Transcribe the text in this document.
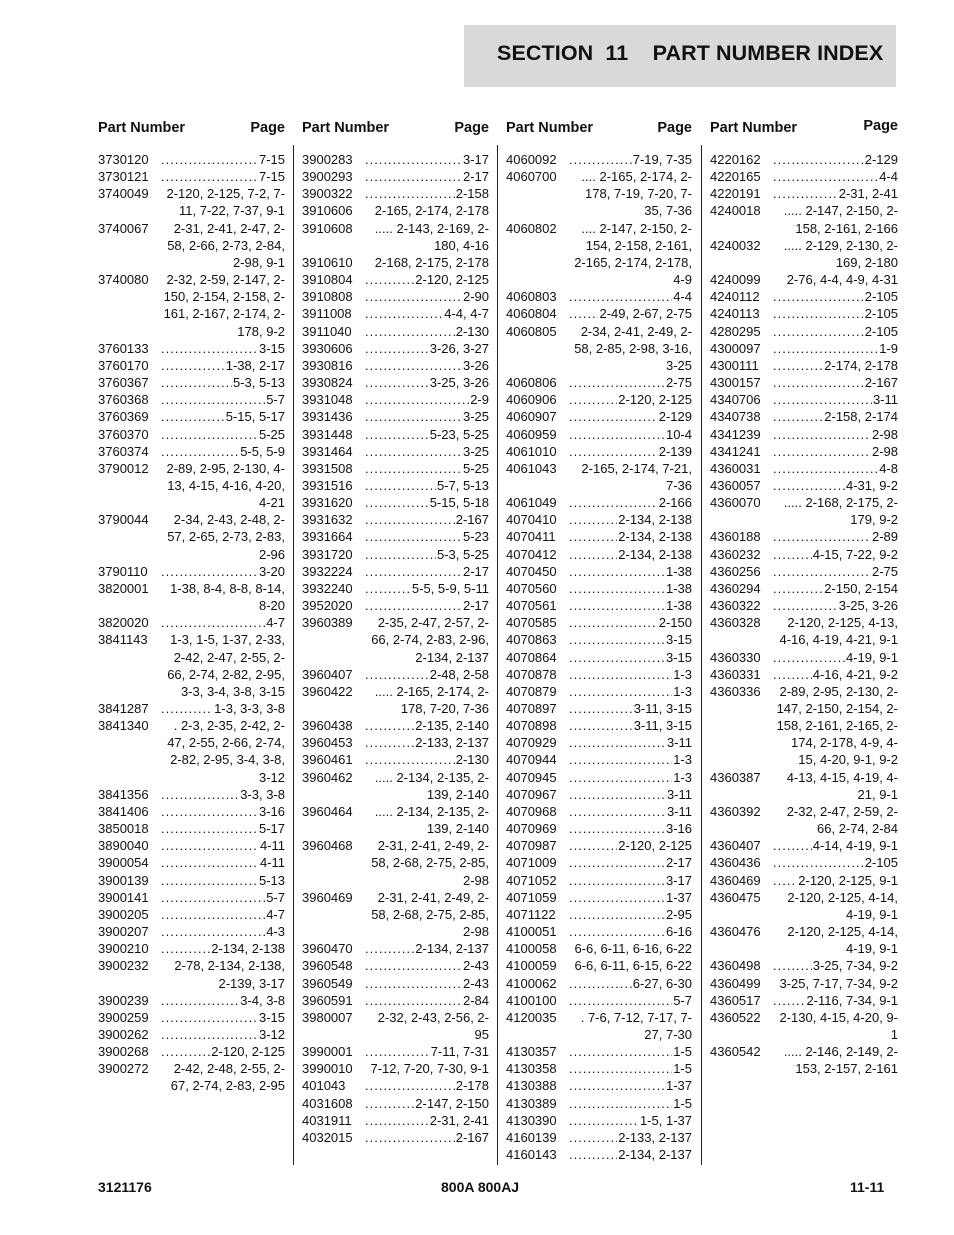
SECTION  11    PART NUMBER INDEX
Part Number	Page
3730120 .....	7-15
3730121 .....	7-15
3740049	2-120, 2-125, 7-2, 7-11, 7-22, 7-37, 9-1
3740067	2-31, 2-41, 2-47, 2-58, 2-66, 2-73, 2-84, 2-98, 9-1
3740080	2-32, 2-59, 2-147, 2-150, 2-154, 2-158, 2-161, 2-167, 2-174, 2-178, 9-2
3760133 .....	3-15
3760170 .....	1-38, 2-17
3760367 .....	5-3, 5-13
3760368 .....	5-7
3760369 .....	5-15, 5-17
3760370 .....	5-25
3760374 .....	5-5, 5-9
3790012	2-89, 2-95, 2-130, 4-13, 4-15, 4-16, 4-20, 4-21
3790044	2-34, 2-43, 2-48, 2-57, 2-65, 2-73, 2-83, 2-96
3790110 .....	3-20
3820001	1-38, 8-4, 8-8, 8-14, 8-20
3820020 .....	4-7
3841143	1-3, 1-5, 1-37, 2-33, 2-42, 2-47, 2-55, 2-66, 2-74, 2-82, 2-95, 3-3, 3-4, 3-8, 3-15
3841287 .....	1-3, 3-3, 3-8
3841340	. 2-3, 2-35, 2-42, 2-47, 2-55, 2-66, 2-74, 2-82, 2-95, 3-4, 3-8, 3-12
3841356 .....	3-3, 3-8
3841406 .....	3-16
3850018 .....	5-17
3890040 .....	4-11
3900054 .....	4-11
3900139 .....	5-13
3900141 .....	5-7
3900205 .....	4-7
3900207 .....	4-3
3900210 .....	2-134, 2-138
3900232	2-78, 2-134, 2-138, 2-139, 3-17
3900239 .....	3-4, 3-8
3900259 .....	3-15
3900262 .....	3-12
3900268 .....	2-120, 2-125
3900272	2-42, 2-48, 2-55, 2-67, 2-74, 2-83, 2-95
Part Number	Page
3900283 .....	3-17
3900293 .....	2-17
3900322 .....	2-158
3910606	2-165, 2-174, 2-178
3910608	..... 2-143, 2-169, 2-180, 4-16
3910610	2-168, 2-175, 2-178
3910804 .....	2-120, 2-125
3910808 .....	2-90
3911008 .....	4-4, 4-7
3911040 .....	2-130
3930606 .....	3-26, 3-27
3930816 .....	3-26
3930824 .....	3-25, 3-26
3931048 .....	2-9
3931436 .....	3-25
3931448 .....	5-23, 5-25
3931464 .....	3-25
3931508 .....	5-25
3931516 .....	5-7, 5-13
3931620 .....	5-15, 5-18
3931632 .....	2-167
3931664 .....	5-23
3931720 .....	5-3, 5-25
3932224 .....	2-17
3932240 .....	5-5, 5-9, 5-11
3952020 .....	2-17
3960389	2-35, 2-47, 2-57, 2-66, 2-74, 2-83, 2-96, 2-134, 2-137
3960407 .....	2-48, 2-58
3960422	..... 2-165, 2-174, 2-178, 7-20, 7-36
3960438 .....	2-135, 2-140
3960453 .....	2-133, 2-137
3960461 .....	2-130
3960462	..... 2-134, 2-135, 2-139, 2-140
3960464	..... 2-134, 2-135, 2-139, 2-140
3960468	2-31, 2-41, 2-49, 2-58, 2-68, 2-75, 2-85, 2-98
3960469	2-31, 2-41, 2-49, 2-58, 2-68, 2-75, 2-85, 2-98
3960470 .....	2-134, 2-137
3960548 .....	2-43
3960549 .....	2-43
3960591 .....	2-84
3980007	2-32, 2-43, 2-56, 2-95
3990001 .....	7-11, 7-31
3990010	7-12, 7-20, 7-30, 9-1
401043 .....	2-178
4031608 .....	2-147, 2-150
4031911 .....	2-31, 2-41
4032015 .....	2-167
Part Number	Page
4060092 .....	7-19, 7-35
4060700	.... 2-165, 2-174, 2-178, 7-19, 7-20, 7-35, 7-36
4060802	.... 2-147, 2-150, 2-154, 2-158, 2-161, 2-165, 2-174, 2-178, 4-9
4060803 .....	4-4
4060804 .....	2-49, 2-67, 2-75
4060805	2-34, 2-41, 2-49, 2-58, 2-85, 2-98, 3-16, 3-25
4060806 .....	2-75
4060906 .....	2-120, 2-125
4060907 .....	2-129
4060959 .....	10-4
4061010 .....	2-139
4061043	2-165, 2-174, 7-21, 7-36
4061049 .....	2-166
4070410 .....	2-134, 2-138
4070411 .....	2-134, 2-138
4070412 .....	2-134, 2-138
4070450 .....	1-38
4070560 .....	1-38
4070561 .....	1-38
4070585 .....	2-150
4070863 .....	3-15
4070864 .....	3-15
4070878 .....	1-3
4070879 .....	1-3
4070897 .....	3-11, 3-15
4070898 .....	3-11, 3-15
4070929 .....	3-11
4070944 .....	1-3
4070945 .....	1-3
4070967 .....	3-11
4070968 .....	3-11
4070969 .....	3-16
4070987 .....	2-120, 2-125
4071009 .....	2-17
4071052 .....	3-17
4071059 .....	1-37
4071122 .....	2-95
4100051 .....	6-16
4100058	6-6, 6-11, 6-16, 6-22
4100059	6-6, 6-11, 6-15, 6-22
4100062 .....	6-27, 6-30
4100100 .....	5-7
4120035	. 7-6, 7-12, 7-17, 7-27, 7-30
4130357 .....	1-5
4130358 .....	1-5
4130388 .....	1-37
4130389 .....	1-5
4130390 .....	1-5, 1-37
4160139 .....	2-133, 2-137
4160143 .....	2-134, 2-137
Part Number	Page
4220162 .....	2-129
4220165 .....	4-4
4220191 .....	2-31, 2-41
4240018	..... 2-147, 2-150, 2-158, 2-161, 2-166
4240032	..... 2-129, 2-130, 2-169, 2-180
4240099	2-76, 4-4, 4-9, 4-31
4240112 .....	2-105
4240113 .....	2-105
4280295 .....	2-105
4300097 .....	1-9
4300111 .....	2-174, 2-178
4300157 .....	2-167
4340706 .....	3-11
4340738 .....	2-158, 2-174
4341239 .....	2-98
4341241 .....	2-98
4360031 .....	4-8
4360057 .....	4-31, 9-2
4360070	..... 2-168, 2-175, 2-179, 9-2
4360188 .....	2-89
4360232 .....	4-15, 7-22, 9-2
4360256 .....	2-75
4360294 .....	2-150, 2-154
4360322 .....	3-25, 3-26
4360328	2-120, 2-125, 4-13, 4-16, 4-19, 4-21, 9-1
4360330 .....	4-19, 9-1
4360331 .....	4-16, 4-21, 9-2
4360336	2-89, 2-95, 2-130, 2-147, 2-150, 2-154, 2-158, 2-161, 2-165, 2-174, 2-178, 4-9, 4-15, 4-20, 9-1, 9-2
4360387	4-13, 4-15, 4-19, 4-21, 9-1
4360392	2-32, 2-47, 2-59, 2-66, 2-74, 2-84
4360407 .....	4-14, 4-19, 9-1
4360436 .....	2-105
4360469 .....	2-120, 2-125, 9-1
4360475	2-120, 2-125, 4-14, 4-19, 9-1
4360476	2-120, 2-125, 4-14, 4-19, 9-1
4360498 .....	3-25, 7-34, 9-2
4360499	3-25, 7-17, 7-34, 9-2
4360517 .....	2-116, 7-34, 9-1
4360522	2-130, 4-15, 4-20, 9-1
4360542	..... 2-146, 2-149, 2-153, 2-157, 2-161
3121176	800A 800AJ	11-11
